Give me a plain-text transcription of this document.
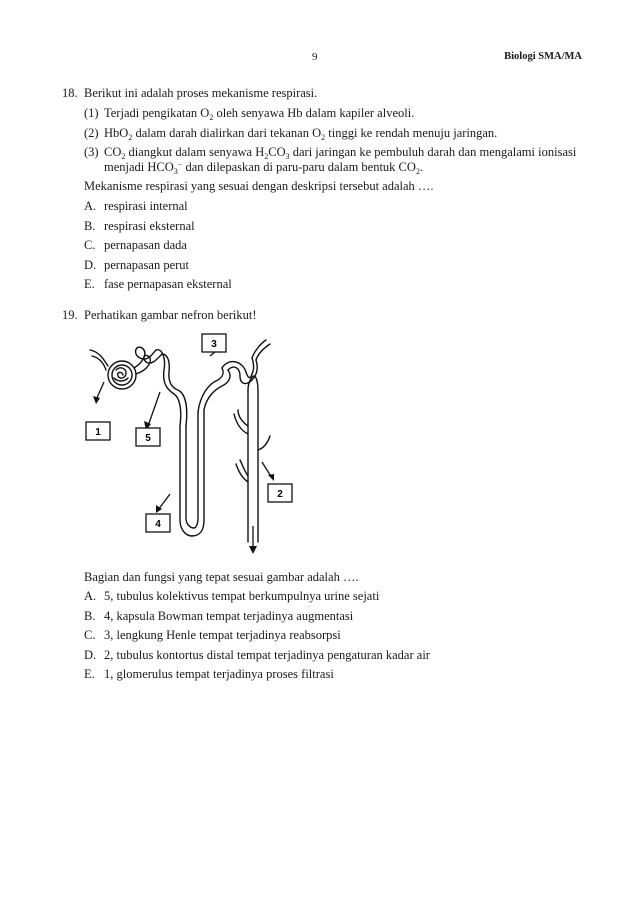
9	Biologi SMA/MA
18. Berikut ini adalah proses mekanisme respirasi.
(1) Terjadi pengikatan $O_2$ oleh senyawa Hb dalam kapiler alveoli.
(2) HbO$_2$ dalam darah dialirkan dari tekanan $O_2$ tinggi ke rendah menuju jaringan.
(3) $CO_2$ diangkut dalam senyawa $H_2CO_3$ dari jaringan ke pembuluh darah dan mengalami ionisasi
menjadi $HCO_3^-$ dan dilepaskan di paru-paru dalam bentuk $CO_2$.
Mekanisme respirasi yang sesuai dengan deskripsi tersebut adalah ….
A. respirasi internal
B. respirasi eksternal
C. pernapasan dada
D. pernapasan perut
E. fase pernapasan eksternal
19. Perhatikan gambar nefron berikut!
1
2
3
4
5
Bagian dan fungsi yang tepat sesuai gambar adalah ….
A. 5, tubulus kolektivus tempat berkumpulnya urine sejati
B. 4, kapsula Bowman tempat terjadinya augmentasi
C. 3, lengkung Henle tempat terjadinya reabsorpsi
D. 2, tubulus kontortus distal tempat terjadinya pengaturan kadar air
E. 1, glomerulus tempat terjadinya proses filtrasi
